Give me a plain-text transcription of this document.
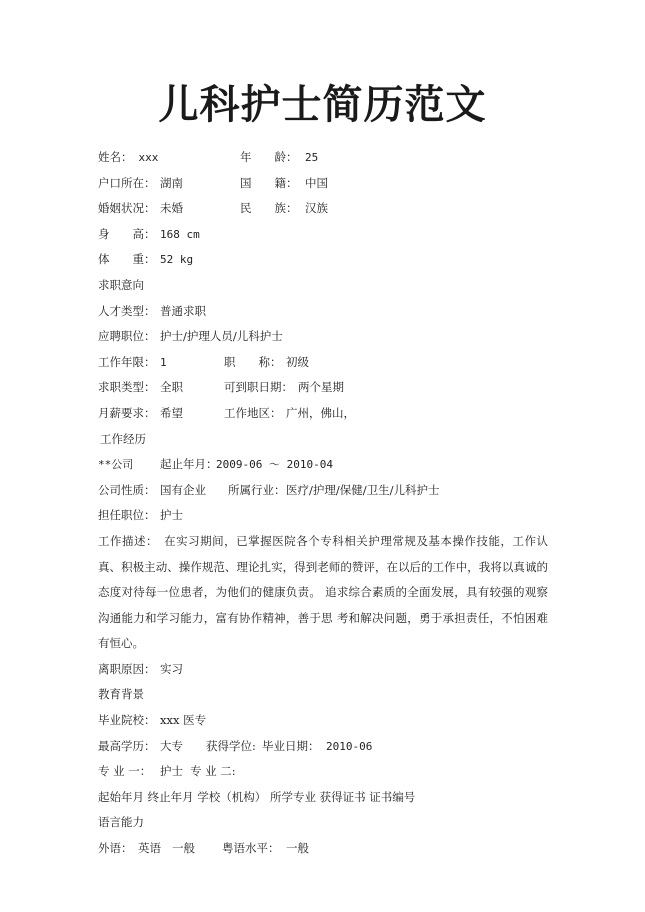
儿科护士简历范文
姓名： xxx	年　　龄： 25
户口所在： 湖南	国　　籍： 中国
婚姻状况： 未婚	民　　族： 汉族
身　　高： 168 cm
体　　重： 52 kg
求职意向
人才类型： 普通求职
应聘职位： 护士/护理人员/儿科护士
工作年限： 1	职　　称： 初级
求职类型： 全职	可到职日期： 两个星期
月薪要求： 希望	工作地区： 广州，佛山，
工作经历
**公司 起止年月：
2009-06 ～ 2010-04
公司性质： 国有企业 所属行业： 医疗/护理/保健/卫生/儿科护士
担任职位： 护士
工作描述： 在实习期间，已掌握医院各个专科相关护理常规及基本操作技能，工作认真、积极主动、操作规范、理论扎实，得到老师的赞评，在以后的工作中，我将以真诚的态度对待每一位患者，为他们的健康负责。 追求综合素质的全面发展，具有较强的观察沟通能力和学习能力，富有协作精神，善于思 考和解决问题，勇于承担责任，不怕困难有恒心。
离职原因： 实习
教育背景
毕业院校： xxx 医专
最高学历： 大专 获得学位: 毕业日期： 2010-06
专 业 一： 护士 专 业 二:
起始年月 终止年月 学校（机构） 所学专业 获得证书 证书编号
语言能力
外语： 英语 一般 粤语水平： 一般
